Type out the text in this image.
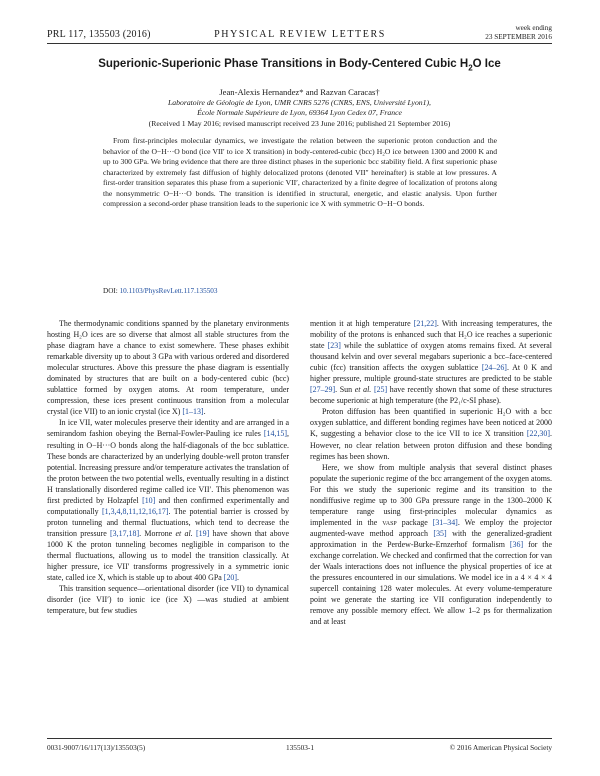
PRL 117, 135503 (2016)	PHYSICAL REVIEW LETTERS
week ending
23 SEPTEMBER 2016
Superionic-Superionic Phase Transitions in Body-Centered Cubic $H_2O$ Ice
Jean-Alexis Hernandez* and Razvan Caracas†
Laboratoire de Géologie de Lyon, UMR CNRS 5276 (CNRS, ENS, Université Lyon1),
École Normale Supérieure de Lyon, 69364 Lyon Cedex 07, France
(Received 1 May 2016; revised manuscript received 23 June 2016; published 21 September 2016)
From first-principles molecular dynamics, we investigate the relation between the superionic proton conduction and the behavior of the O−H···O bond (ice VII′ to ice X transition) in body-centered-cubic (bcc) H₂O ice between 1300 and 2000 K and up to 300 GPa. We bring evidence that there are three distinct phases in the superionic bcc stability field. A first superionic phase characterized by extremely fast diffusion of highly delocalized protons (denoted VII″ hereinafter) is stable at low pressures. A first-order transition separates this phase from a superionic VII′, characterized by a finite degree of localization of protons along the nonsymmetric O−H···O bonds. The transition is identified in structural, energetic, and elastic analysis. Upon further compression a second-order phase transition leads to the superionic ice X with symmetric O−H−O bonds.
DOI: 10.1103/PhysRevLett.117.135503

The thermodynamic conditions spanned by the planetary environments hosting H₂O ices are so diverse that almost all stable structures from the phase diagram have a chance to exist somewhere. These phases exhibit remarkable diversity up to about 3 GPa with various ordered and disordered molecular structures. Above this pressure the phase diagram is essentially dominated by structures that are built on a body-centered cubic (bcc) sublattice formed by oxygen atoms. At room temperature, under compression, these ices present continuous transition from a molecular crystal (ice VII) to an ionic crystal (ice X) [1–13].

In ice VII, water molecules preserve their identity and are arranged in a semirandom fashion obeying the Bernal-Fowler-Pauling ice rules [14,15], resulting in O−H···O bonds along the half-diagonals of the bcc sublattice. These bonds are characterized by an underlying double-well proton transfer potential. Increasing pressure and/or temperature activates the translation of the proton between the two potential wells, eventually resulting in a distinct H translationally disordered regime called ice VII′. This phenomenon was first predicted by Holzapfel [10] and then confirmed experimentally and computationally [1,3,4,8,11,12,16,17]. The potential barrier is crossed by proton tunneling and thermal fluctuations, which tend to decrease the transition pressure [3,17,18]. Morrone et al. [19] have shown that above 1000 K the proton tunneling becomes negligible in comparison to the thermal fluctuations, allowing us to model the transition classically. At higher pressure, ice VII′ transforms progressively in a symmetric ionic state, called ice X, which is stable up to about 400 GPa [20].

This transition sequence—orientational disorder (ice VII) to dynamical disorder (ice VII′) to ionic ice (ice X) —was studied at ambient temperature, but few studies

mention it at high temperature [21,22]. With increasing temperatures, the mobility of the protons is enhanced such that H₂O ice reaches a superionic state [23] while the sublattice of oxygen atoms remains fixed. At several thousand kelvin and over several megabars superionic a bcc–face-centered cubic (fcc) transition affects the oxygen sublattice [24–26]. At 0 K and higher pressure, multiple ground-state structures are predicted to be stable [27–29]. Sun et al. [25] have recently shown that some of these structures become superionic at high temperature (the P2₁/c-SI phase).

Proton diffusion has been quantified in superionic H₂O with a bcc oxygen sublattice, and different bonding regimes have been noticed at 2000 K, suggesting a behavior close to the ice VII to ice X transition [22,30]. However, no clear relation between proton diffusion and these bonding regimes has been shown.

Here, we show from multiple analysis that several distinct phases populate the superionic regime of the bcc arrangement of the oxygen atoms. For this we study the superionic regime and its transition to the nondiffusive regime up to 300 GPa pressure range in the 1300–2000 K temperature range using first-principles molecular dynamics as implemented in the vasp package [31–34]. We employ the projector augmented-wave method approach [35] with the generalized-gradient approximation in the Perdew-Burke-Ernzerhof formalism [36] for the exchange correlation. We checked and confirmed that the correction for van der Waals interactions does not influence the physical properties of ice at the pressures encountered in our simulations. We model ice in a 4 × 4 × 4 supercell containing 128 water molecules. At every volume-temperature point we generate the starting ice VII configuration independently to remove any possible memory effect. We allow 1–2 ps for thermalization and at least

0031-9007/16/117(13)/135503(5)	135503-1	© 2016 American Physical Society
